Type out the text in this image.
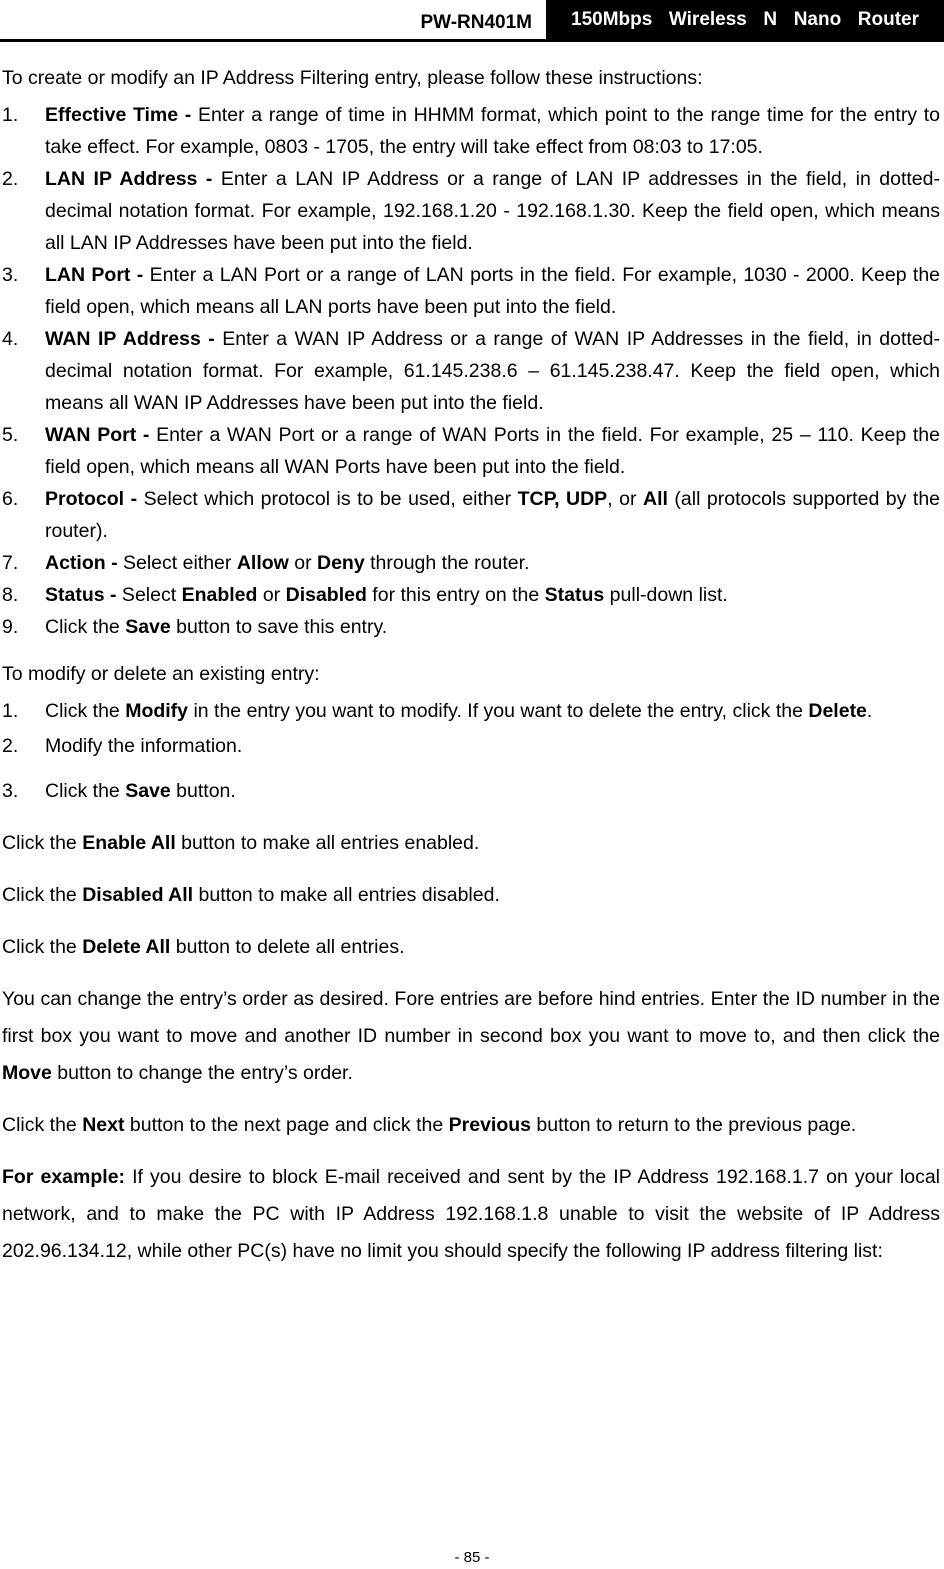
PW-RN401M 150Mbps  Wireless  N  Nano  Router

To create or modify an IP Address Filtering entry, please follow these instructions:

1. Effective Time - Enter a range of time in HHMM format, which point to the range time for the entry to take effect. For example, 0803 - 1705, the entry will take effect from 08:03 to 17:05.
2. LAN IP Address - Enter a LAN IP Address or a range of LAN IP addresses in the field, in dotted-decimal notation format. For example, 192.168.1.20 - 192.168.1.30. Keep the field open, which means all LAN IP Addresses have been put into the field.
3. LAN Port - Enter a LAN Port or a range of LAN ports in the field. For example, 1030 - 2000. Keep the field open, which means all LAN ports have been put into the field.
4. WAN IP Address - Enter a WAN IP Address or a range of WAN IP Addresses in the field, in dotted-decimal notation format. For example, 61.145.238.6 – 61.145.238.47. Keep the field open, which means all WAN IP Addresses have been put into the field.
5. WAN Port - Enter a WAN Port or a range of WAN Ports in the field. For example, 25 – 110. Keep the field open, which means all WAN Ports have been put into the field.
6. Protocol - Select which protocol is to be used, either TCP, UDP, or All (all protocols supported by the router).
7. Action - Select either Allow or Deny through the router.
8. Status - Select Enabled or Disabled for this entry on the Status pull-down list.
9. Click the Save button to save this entry.

To modify or delete an existing entry:

1. Click the Modify in the entry you want to modify. If you want to delete the entry, click the Delete.
2. Modify the information.
3. Click the Save button.

Click the Enable All button to make all entries enabled.

Click the Disabled All button to make all entries disabled.

Click the Delete All button to delete all entries.

You can change the entry’s order as desired. Fore entries are before hind entries. Enter the ID number in the first box you want to move and another ID number in second box you want to move to, and then click the Move button to change the entry’s order.

Click the Next button to the next page and click the Previous button to return to the previous page.

For example: If you desire to block E-mail received and sent by the IP Address 192.168.1.7 on your local network, and to make the PC with IP Address 192.168.1.8 unable to visit the website of IP Address 202.96.134.12, while other PC(s) have no limit you should specify the following IP address filtering list:

- 85 -
